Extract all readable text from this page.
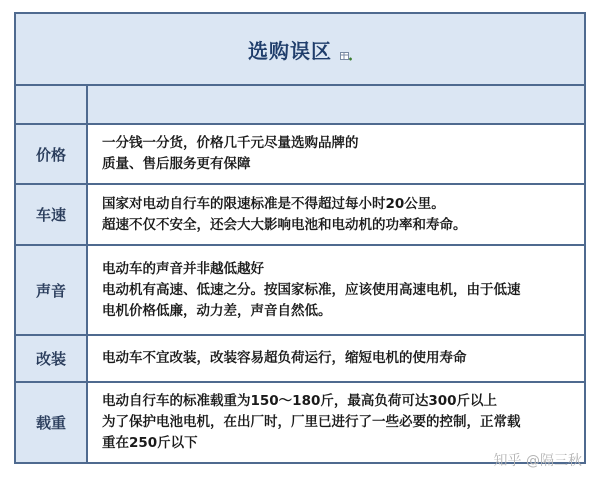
选购误区
价格
一分钱一分货，价格几千元尽量选购品牌的
质量、售后服务更有保障
车速
国家对电动自行车的限速标准是不得超过每小时20公里。
超速不仅不安全，还会大大影响电池和电动机的功率和寿命。
声音
电动车的声音并非越低越好
电动机有高速、低速之分。按国家标准，应该使用高速电机，由于低速
电机价格低廉，动力差，声音自然低。
改装	电动车不宜改装，改装容易超负荷运行，缩短电机的使用寿命
载重
电动自行车的标准载重为150～180斤，最高负荷可达300斤以上
为了保护电池电机，在出厂时，厂里已进行了一些必要的控制，正常载
重在250斤以下
知乎 @隔三秋
